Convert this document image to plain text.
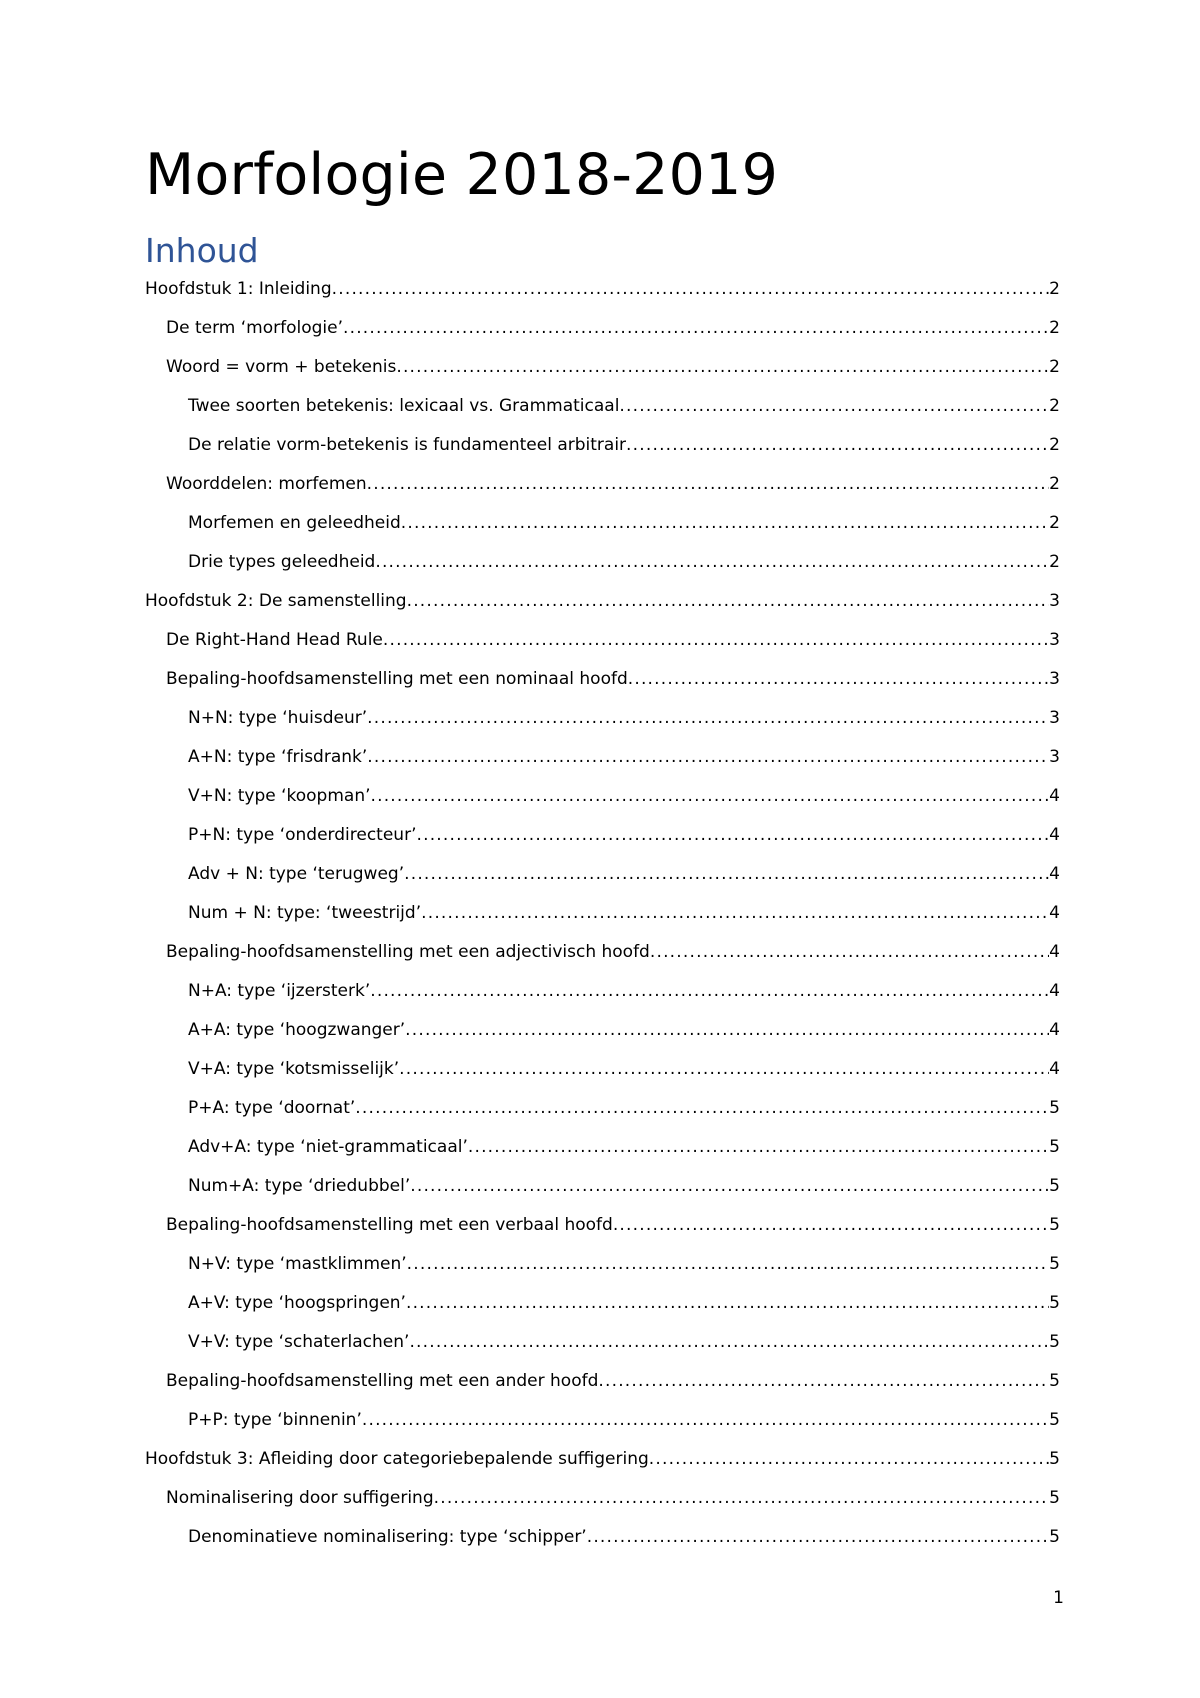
Morfologie 2018-2019
Inhoud
Hoofdstuk 1: Inleiding .....	2
De term ‘morfologie’ .....	2
Woord = vorm + betekenis .....	2
Twee soorten betekenis: lexicaal vs. Grammaticaal .....	2
De relatie vorm-betekenis is fundamenteel arbitrair .....	2
Woorddelen: morfemen .....	2
Morfemen en geleedheid .....	2
Drie types geleedheid .....	2
Hoofdstuk 2: De samenstelling .....	3
De Right-Hand Head Rule .....	3
Bepaling-hoofdsamenstelling met een nominaal hoofd .....	3
N+N: type ‘huisdeur’ .....	3
A+N: type ‘frisdrank’ .....	3
V+N: type ‘koopman’ .....	4
P+N: type ‘onderdirecteur’ .....	4
Adv + N: type ‘terugweg’ .....	4
Num + N: type: ‘tweestrijd’ .....	4
Bepaling-hoofdsamenstelling met een adjectivisch hoofd .....	4
N+A: type ‘ijzersterk’ .....	4
A+A: type ‘hoogzwanger’ .....	4
V+A: type ‘kotsmisselijk’ .....	4
P+A: type ‘doornat’ .....	5
Adv+A: type ‘niet-grammaticaal’ .....	5
Num+A: type ‘driedubbel’ .....	5
Bepaling-hoofdsamenstelling met een verbaal hoofd .....	5
N+V: type ‘mastklimmen’ .....	5
A+V: type ‘hoogspringen’ .....	5
V+V: type ‘schaterlachen’ .....	5
Bepaling-hoofdsamenstelling met een ander hoofd .....	5
P+P: type ‘binnenin’ .....	5
Hoofdstuk 3: Afleiding door categoriebepalende suffigering .....	5
Nominalisering door suffigering .....	5
Denominatieve nominalisering: type ‘schipper’ .....	5
1
